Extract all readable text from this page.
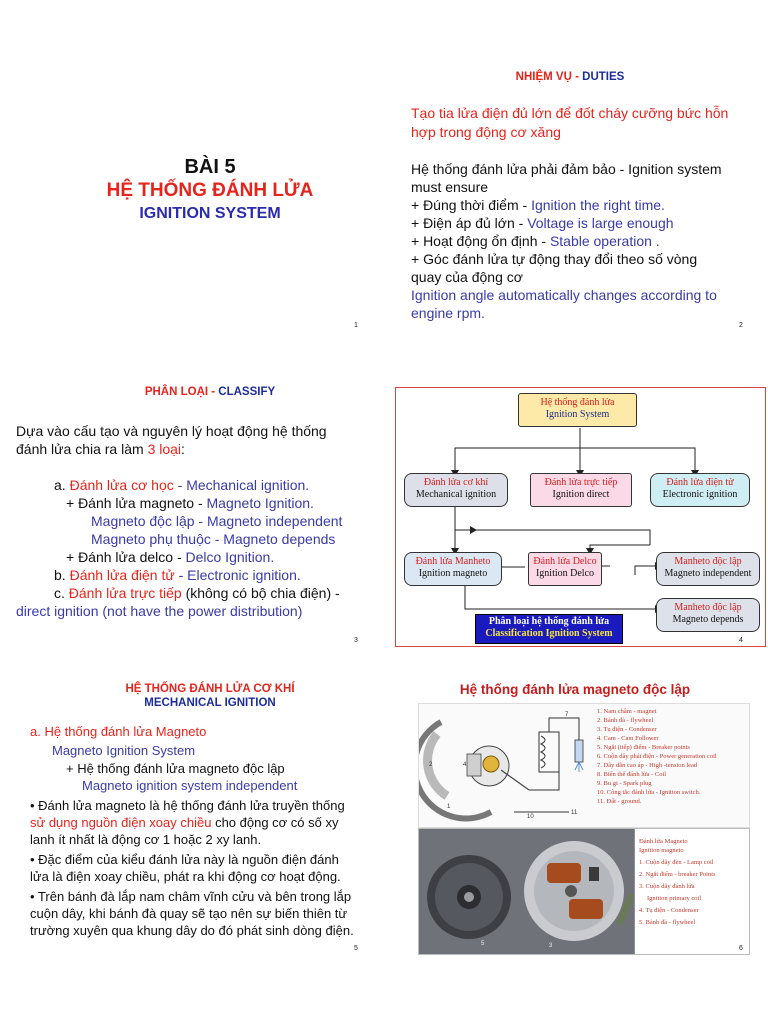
BÀI 5
HỆ THỐNG ĐÁNH LỬA
IGNITION SYSTEM
1
NHIỆM VỤ - DUTIES

Tạo tia lửa điện đủ lớn để đốt cháy cưỡng bức hỗn hợp trong động cơ xăng

Hệ thống đánh lửa phải đảm bảo - Ignition system must ensure

+ Đúng thời điểm - Ignition the right time.
+ Điện áp đủ lớn - Voltage is large enough
+ Hoạt động ổn định - Stable operation .
+ Góc đánh lửa tự động thay đổi theo số vòng quay của động cơ
Ignition angle automatically changes according to engine rpm.
2
PHÂN LOẠI - CLASSIFY

Dựa vào cấu tạo và nguyên lý hoạt động hệ thống đánh lửa chia ra làm 3 loại:

a. Đánh lửa cơ học - Mechanical ignition.
+ Đánh lửa magneto - Magneto Ignition.
Magneto độc lập - Magneto independent
Magneto phụ thuộc - Magneto depends
+ Đánh lửa delco - Delco Ignition.
b. Đánh lửa điện tử - Electronic ignition.
c. Đánh lửa trực tiếp (không có bộ chia điện) -
direct ignition (not have the power distribution)
3
Hệ thống đánh lửa
Ignition System
Đánh lửa cơ khí
Mechanical ignition
Đánh lửa trực tiếp
Ignition direct
Đánh lửa điện tử
Electronic ignition
Đánh lửa Manheto
Ignition magneto
Đánh lửa Delco
Ignition Delco
Manheto độc lập
Magneto independent
Manheto độc lập
Magneto depends
Phân loại hệ thống đánh lửa
Classification Ignition System
4
HỆ THỐNG ĐÁNH LỬA CƠ KHÍ
MECHANICAL IGNITION
a. Hệ thống đánh lửa Magneto
Magneto Ignition System
+ Hệ thống đánh lửa magneto độc lập
Magneto ignition system independent

• Đánh lửa magneto là hệ thống đánh lửa truyền thống sử dụng nguồn điện xoay chiều cho động cơ có số xy lanh ít nhất là động cơ 1 hoặc 2 xy lanh.

• Đặc điểm của kiểu đánh lửa này là nguồn điện đánh lửa là điện xoay chiều, phát ra khi động cơ hoạt động.

• Trên bánh đà lắp nam châm vĩnh cửu và bên trong lắp cuộn dây, khi bánh đà quay sẽ tạo nên sự biến thiên từ trường xuyên qua khung dây do đó phát sinh dòng điện.

5
Hệ thống đánh lửa magneto độc lập
1
2	4
7
10
11
1. Nam châm - magnet
2. Bánh đà - flywheel
3. Tụ điện - Condenser
4. Cam - Cam Follower
5. Ngắt (tiếp) điểm - Breaker points
6. Cuộn dây phát điện - Power generation coil
7. Dây dẫn cao áp - High -tension lead
8. Biến thế đánh lửa - Coil
9. Bu gi - Spark plug
10. Công tắc đánh lửa - Ignition switch.
11. Đất - ground.
5	3
Đánh lửa Magneto
Ignition magneto
1. Cuộn dây đèn - Lamp coil
2. Ngắt điểm - breaker Points
3. Cuộn dây đánh lửa
Ignition primary coil
4. Tụ điện - Condenser
5. Bánh đà - flywheel
6
